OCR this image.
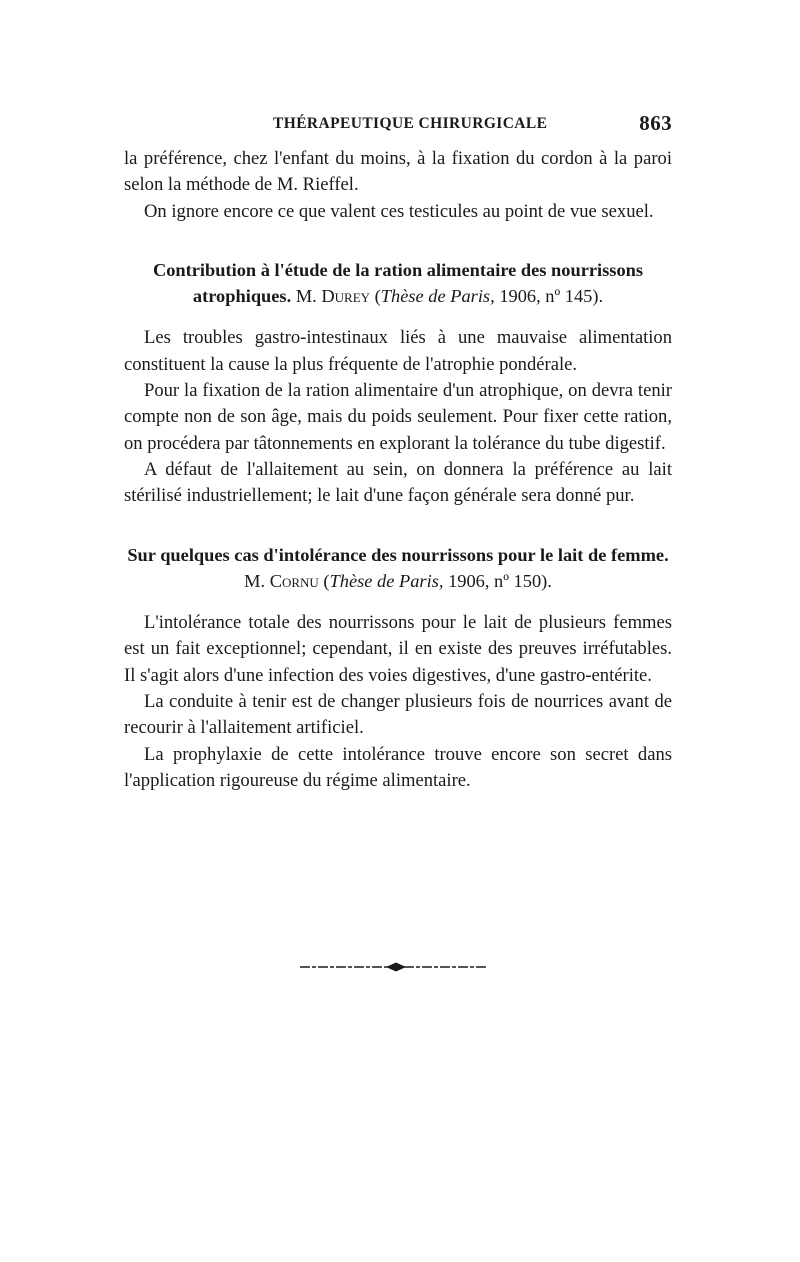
THÉRAPEUTIQUE CHIRURGICALE	863

la préférence, chez l'enfant du moins, à la fixation du cordon à la paroi selon la méthode de M. Rieffel.

On ignore encore ce que valent ces testicules au point de vue sexuel.

Contribution à l'étude de la ration alimentaire des nourrissons atrophiques. M. Durey (Thèse de Paris, 1906, nº 145).

Les troubles gastro-intestinaux liés à une mauvaise alimentation constituent la cause la plus fréquente de l'atrophie pondérale.

Pour la fixation de la ration alimentaire d'un atrophique, on devra tenir compte non de son âge, mais du poids seulement. Pour fixer cette ration, on procédera par tâtonnements en explorant la tolérance du tube digestif.

A défaut de l'allaitement au sein, on donnera la préférence au lait stérilisé industriellement; le lait d'une façon générale sera donné pur.

Sur quelques cas d'intolérance des nourrissons pour le lait de femme. M. Cornu (Thèse de Paris, 1906, nº 150).

L'intolérance totale des nourrissons pour le lait de plusieurs femmes est un fait exceptionnel; cependant, il en existe des preuves irréfutables. Il s'agit alors d'une infection des voies digestives, d'une gastro-entérite.

La conduite à tenir est de changer plusieurs fois de nourrices avant de recourir à l'allaitement artificiel.

La prophylaxie de cette intolérance trouve encore son secret dans l'application rigoureuse du régime alimentaire.
